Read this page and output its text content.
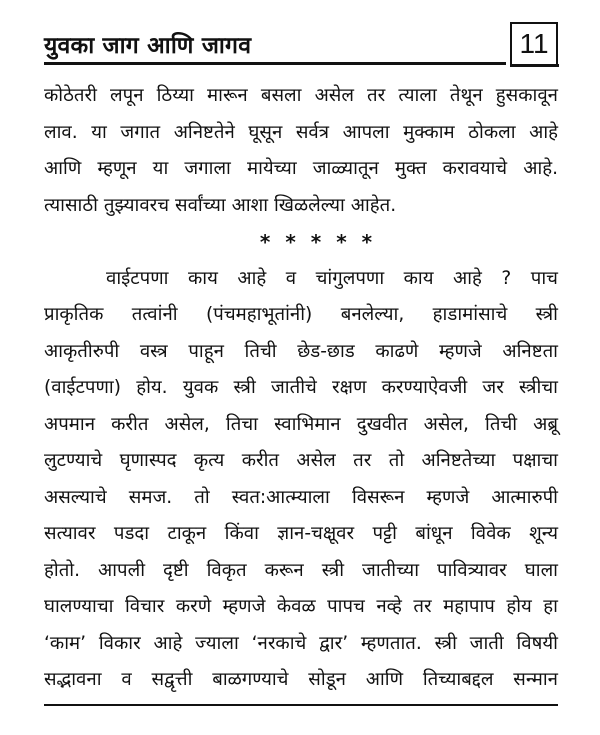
युवका जाग आणि जागव	11
कोठेतरी लपून ठिय्या मारून बसला असेल तर त्याला तेथून हुसकावून
लाव. या जगात अनिष्टतेने घूसून सर्वत्र आपला मुक्काम ठोकला आहे
आणि म्हणून या जगाला मायेच्या जाळ्यातून मुक्त करावयाचे आहे.
त्यासाठी तुझ्यावरच सर्वांच्या आशा खिळलेल्या आहेत.
* * * * *
वाईटपणा काय आहे व चांगुलपणा काय आहे ? पाच
प्राकृतिक तत्वांनी (पंचमहाभूतांनी) बनलेल्या, हाडामांसाचे स्त्री
आकृतीरुपी वस्त्र पाहून तिची छेड-छाड काढणे म्हणजे अनिष्टता
(वाईटपणा) होय. युवक स्त्री जातीचे रक्षण करण्याऐवजी जर स्त्रीचा
अपमान करीत असेल, तिचा स्वाभिमान दुखवीत असेल, तिची अब्रू
लुटण्याचे घृणास्पद कृत्य करीत असेल तर तो अनिष्टतेच्या पक्षाचा
असल्याचे समज. तो स्वत:आत्म्याला विसरून म्हणजे आत्मारुपी
सत्यावर पडदा टाकून किंवा ज्ञान-चक्षूवर पट्टी बांधून विवेक शून्य
होतो. आपली दृष्टी विकृत करून स्त्री जातीच्या पावित्र्यावर घाला
घालण्याचा विचार करणे म्हणजे केवळ पापच नव्हे तर महापाप होय हा
‘काम’ विकार आहे ज्याला ‘नरकाचे द्वार’ म्हणतात. स्त्री जाती विषयी
सद्भावना व सद्वृत्ती बाळगण्याचे सोडून आणि तिच्याबद्दल सन्मान
